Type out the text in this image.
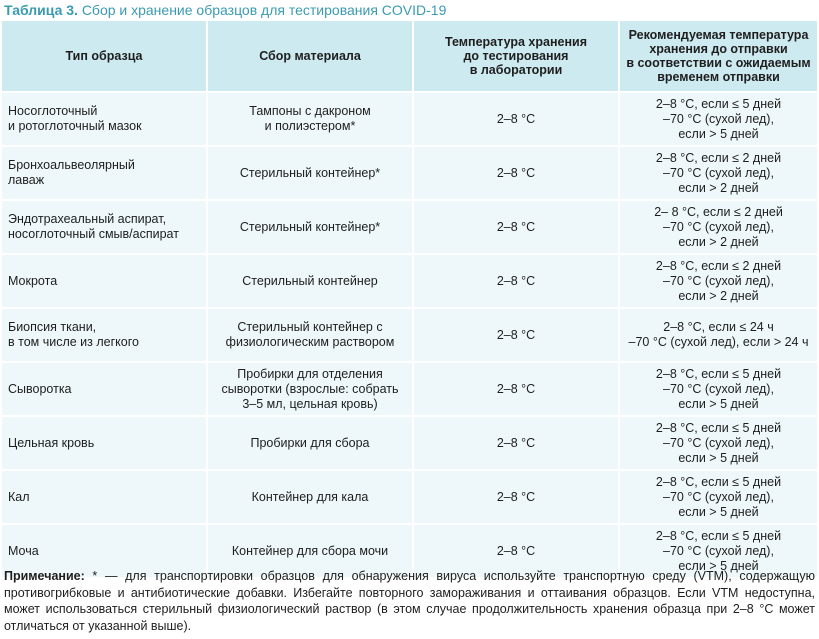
Таблица 3. Сбор и хранение образцов для тестирования COVID-19
Тип образца	Сбор материала	Температура хранения
до тестирования
в лаборатории	Рекомендуемая температура
хранения до отправки
в соответствии с ожидаемым
временем отправки
Носоглоточный
и ротоглоточный мазок	Тампоны с дакроном
и полиэстером*	2–8 °C	2–8 °C, если ≤ 5 дней
–70 °C (сухой лед),
если > 5 дней
Бронхоальвеолярный
лаваж	Стерильный контейнер*	2–8 °C	2–8 °C, если ≤ 2 дней
–70 °C (сухой лед),
если > 2 дней
Эндотрахеальный аспират,
носоглоточный смыв/аспират	Стерильный контейнер*	2–8 °C	2– 8 °C, если ≤ 2 дней
–70 °C (сухой лед),
если > 2 дней
Мокрота	Стерильный контейнер	2–8 °C	2–8 °C, если ≤ 2 дней
–70 °C (сухой лед),
если > 2 дней
Биопсия ткани,
в том числе из легкого	Стерильный контейнер с
физиологическим раствором	2–8 °C	2–8 °C, если ≤ 24 ч
–70 °C (сухой лед), если > 24 ч
Сыворотка	Пробирки для отделения
сыворотки (взрослые: собрать
3–5 мл, цельная кровь)	2–8 °C	2–8 °C, если ≤ 5 дней
–70 °C (сухой лед),
если > 5 дней
Цельная кровь	Пробирки для сбора	2–8 °C	2–8 °C, если ≤ 5 дней
–70 °C (сухой лед),
если > 5 дней
Кал	Контейнер для кала	2–8 °C	2–8 °C, если ≤ 5 дней
–70 °C (сухой лед),
если > 5 дней
Моча	Контейнер для сбора мочи	2–8 °C	2–8 °C, если ≤ 5 дней
–70 °C (сухой лед),
если > 5 дней
Примечание: * — для транспортировки образцов для обнаружения вируса используйте транспортную среду (VTM), содержащую противогрибковые и антибиотические добавки. Избегайте повторного замораживания и оттаивания образцов. Если VTM недоступна, может использоваться стерильный физиологический раствор (в этом случае продолжительность хранения образца при 2–8 °C может отличаться от указанной выше).
